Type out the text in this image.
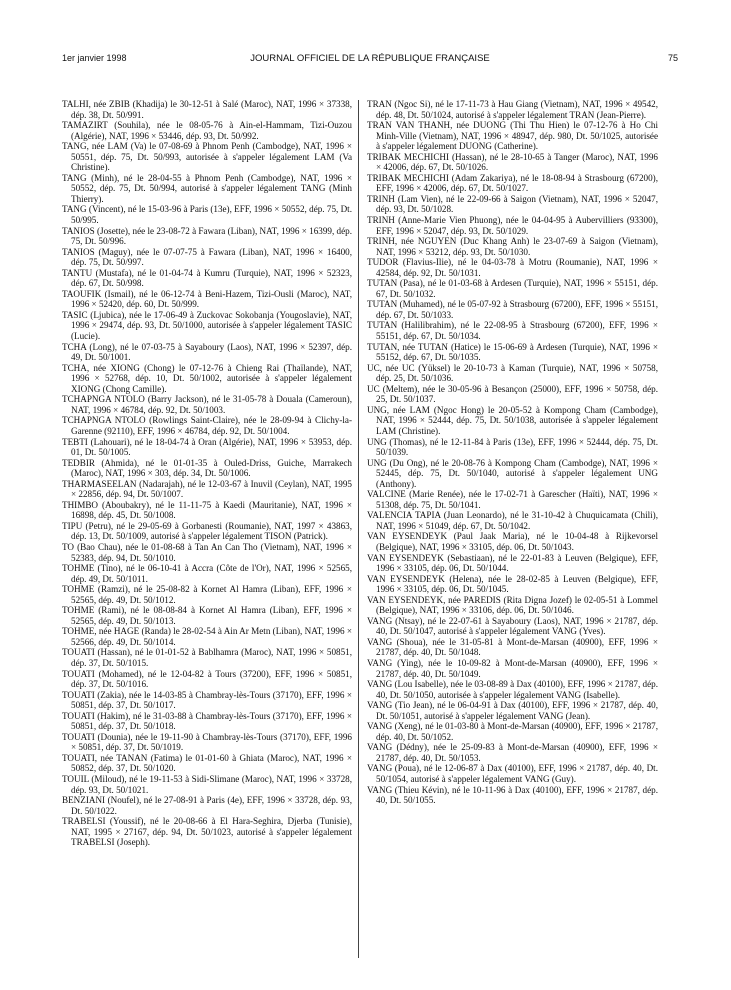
1er janvier 1998	JOURNAL OFFICIEL DE LA RÉPUBLIQUE FRANÇAISE	75

TALHI, née ZBIB (Khadija) le 30-12-51 à Salé (Maroc), NAT, 1996 × 37338, dép. 38, Dt. 50/991.

TAMAZIRT (Souhila), née le 08-05-76 à Ain-el-Hammam, Tizi-Ouzou (Algérie), NAT, 1996 × 53446, dép. 93, Dt. 50/992.

TANG, née LAM (Va) le 07-08-69 à Phnom Penh (Cambodge), NAT, 1996 × 50551, dép. 75, Dt. 50/993, autorisée à s'appeler légalement LAM (Va Christine).

TANG (Minh), né le 28-04-55 à Phnom Penh (Cambodge), NAT, 1996 × 50552, dép. 75, Dt. 50/994, autorisé à s'appeler légalement TANG (Minh Thierry).

TANG (Vincent), né le 15-03-96 à Paris (13e), EFF, 1996 × 50552, dép. 75, Dt. 50/995.

TANIOS (Josette), née le 23-08-72 à Fawara (Liban), NAT, 1996 × 16399, dép. 75, Dt. 50/996.

TANIOS (Maguy), née le 07-07-75 à Fawara (Liban), NAT, 1996 × 16400, dép. 75, Dt. 50/997.

TANTU (Mustafa), né le 01-04-74 à Kumru (Turquie), NAT, 1996 × 52323, dép. 67, Dt. 50/998.

TAOUFIK (Ismail), né le 06-12-74 à Beni-Hazem, Tizi-Ousli (Maroc), NAT, 1996 × 52420, dép. 60, Dt. 50/999.

TASIC (Ljubica), née le 17-06-49 à Zuckovac Sokobanja (Yougoslavie), NAT, 1996 × 29474, dép. 93, Dt. 50/1000, autorisée à s'appeler légalement TASIC (Lucie).

TCHA (Long), né le 07-03-75 à Sayaboury (Laos), NAT, 1996 × 52397, dép. 49, Dt. 50/1001.

TCHA, née XIONG (Chong) le 07-12-76 à Chieng Rai (Thaïlande), NAT, 1996 × 52768, dép. 10, Dt. 50/1002, autorisée à s'appeler légalement XIONG (Chong Camille).

TCHAPNGA NTOLO (Barry Jackson), né le 31-05-78 à Douala (Cameroun), NAT, 1996 × 46784, dép. 92, Dt. 50/1003.

TCHAPNGA NTOLO (Rowlings Saint-Claire), née le 28-09-94 à Clichy-la-Garenne (92110), EFF, 1996 × 46784, dép. 92, Dt. 50/1004.

TEBTI (Lahouari), né le 18-04-74 à Oran (Algérie), NAT, 1996 × 53953, dép. 01, Dt. 50/1005.

TEDBIR (Ahmida), né le 01-01-35 à Ouled-Driss, Guiche, Marrakech (Maroc), NAT, 1996 × 303, dép. 34, Dt. 50/1006.

THARMASEELAN (Nadarajah), né le 12-03-67 à Inuvil (Ceylan), NAT, 1995 × 22856, dép. 94, Dt. 50/1007.

THIMBO (Aboubakry), né le 11-11-75 à Kaedi (Mauritanie), NAT, 1996 × 16898, dép. 45, Dt. 50/1008.

TIPU (Petru), né le 29-05-69 à Gorbanesti (Roumanie), NAT, 1997 × 43863, dép. 13, Dt. 50/1009, autorisé à s'appeler légalement TISON (Patrick).

TO (Bao Chau), née le 01-08-68 à Tan An Can Tho (Vietnam), NAT, 1996 × 52383, dép. 94, Dt. 50/1010.

TOHME (Tino), né le 06-10-41 à Accra (Côte de l'Or), NAT, 1996 × 52565, dép. 49, Dt. 50/1011.

TOHME (Ramzi), né le 25-08-82 à Kornet Al Hamra (Liban), EFF, 1996 × 52565, dép. 49, Dt. 50/1012.

TOHME (Rami), né le 08-08-84 à Kornet Al Hamra (Liban), EFF, 1996 × 52565, dép. 49, Dt. 50/1013.

TOHME, née HAGE (Randa) le 28-02-54 à Ain Ar Metn (Liban), NAT, 1996 × 52566, dép. 49, Dt. 50/1014.

TOUATI (Hassan), né le 01-01-52 à Bablhamra (Maroc), NAT, 1996 × 50851, dép. 37, Dt. 50/1015.

TOUATI (Mohamed), né le 12-04-82 à Tours (37200), EFF, 1996 × 50851, dép. 37, Dt. 50/1016.

TOUATI (Zakia), née le 14-03-85 à Chambray-lès-Tours (37170), EFF, 1996 × 50851, dép. 37, Dt. 50/1017.

TOUATI (Hakim), né le 31-03-88 à Chambray-lès-Tours (37170), EFF, 1996 × 50851, dép. 37, Dt. 50/1018.

TOUATI (Dounia), née le 19-11-90 à Chambray-lès-Tours (37170), EFF, 1996 × 50851, dép. 37, Dt. 50/1019.

TOUATI, née TANAN (Fatima) le 01-01-60 à Ghiata (Maroc), NAT, 1996 × 50852, dép. 37, Dt. 50/1020.

TOUIL (Miloud), né le 19-11-53 à Sidi-Slimane (Maroc), NAT, 1996 × 33728, dép. 93, Dt. 50/1021.

BENZIANI (Noufel), né le 27-08-91 à Paris (4e), EFF, 1996 × 33728, dép. 93, Dt. 50/1022.

TRABELSI (Youssif), né le 20-08-66 à El Hara-Seghira, Djerba (Tunisie), NAT, 1995 × 27167, dép. 94, Dt. 50/1023, autorisé à s'appeler légalement TRABELSI (Joseph).

TRAN (Ngoc Si), né le 17-11-73 à Hau Giang (Vietnam), NAT, 1996 × 49542, dép. 48, Dt. 50/1024, autorisé à s'appeler légalement TRAN (Jean-Pierre).

TRAN VAN THANH, née DUONG (Thi Thu Hien) le 07-12-76 à Ho Chi Minh-Ville (Vietnam), NAT, 1996 × 48947, dép. 980, Dt. 50/1025, autorisée à s'appeler légalement DUONG (Catherine).

TRIBAK MECHICHI (Hassan), né le 28-10-65 à Tanger (Maroc), NAT, 1996 × 42006, dép. 67, Dt. 50/1026.

TRIBAK MECHICHI (Adam Zakariya), né le 18-08-94 à Strasbourg (67200), EFF, 1996 × 42006, dép. 67, Dt. 50/1027.

TRINH (Lam Vien), né le 22-09-66 à Saigon (Vietnam), NAT, 1996 × 52047, dép. 93, Dt. 50/1028.

TRINH (Anne-Marie Vien Phuong), née le 04-04-95 à Aubervilliers (93300), EFF, 1996 × 52047, dép. 93, Dt. 50/1029.

TRINH, née NGUYEN (Duc Khang Anh) le 23-07-69 à Saigon (Vietnam), NAT, 1996 × 53212, dép. 93, Dt. 50/1030.

TUDOR (Flavius-Ilie), né le 04-03-78 à Motru (Roumanie), NAT, 1996 × 42584, dép. 92, Dt. 50/1031.

TUTAN (Pasa), né le 01-03-68 à Ardesen (Turquie), NAT, 1996 × 55151, dép. 67, Dt. 50/1032.

TUTAN (Muhamed), né le 05-07-92 à Strasbourg (67200), EFF, 1996 × 55151, dép. 67, Dt. 50/1033.

TUTAN (Halilibrahim), né le 22-08-95 à Strasbourg (67200), EFF, 1996 × 55151, dép. 67, Dt. 50/1034.

TUTAN, née TUTAN (Hatice) le 15-06-69 à Ardesen (Turquie), NAT, 1996 × 55152, dép. 67, Dt. 50/1035.

UC, née UC (Yüksel) le 20-10-73 à Kaman (Turquie), NAT, 1996 × 50758, dép. 25, Dt. 50/1036.

UC (Meltem), née le 30-05-96 à Besançon (25000), EFF, 1996 × 50758, dép. 25, Dt. 50/1037.

UNG, née LAM (Ngoc Hong) le 20-05-52 à Kompong Cham (Cambodge), NAT, 1996 × 52444, dép. 75, Dt. 50/1038, autorisée à s'appeler légalement LAM (Christine).

UNG (Thomas), né le 12-11-84 à Paris (13e), EFF, 1996 × 52444, dép. 75, Dt. 50/1039.

UNG (Du Ong), né le 20-08-76 à Kompong Cham (Cambodge), NAT, 1996 × 52445, dép. 75, Dt. 50/1040, autorisé à s'appeler légalement UNG (Anthony).

VALCINE (Marie Renée), née le 17-02-71 à Garescher (Haïti), NAT, 1996 × 51308, dép. 75, Dt. 50/1041.

VALENCIA TAPIA (Juan Leonardo), né le 31-10-42 à Chuquicamata (Chili), NAT, 1996 × 51049, dép. 67, Dt. 50/1042.

VAN EYSENDEYK (Paul Jaak Maria), né le 10-04-48 à Rijkevorsel (Belgique), NAT, 1996 × 33105, dép. 06, Dt. 50/1043.

VAN EYSENDEYK (Sebastiaan), né le 22-01-83 à Leuven (Belgique), EFF, 1996 × 33105, dép. 06, Dt. 50/1044.

VAN EYSENDEYK (Helena), née le 28-02-85 à Leuven (Belgique), EFF, 1996 × 33105, dép. 06, Dt. 50/1045.

VAN EYSENDEYK, née PAREDIS (Rita Digna Jozef) le 02-05-51 à Lommel (Belgique), NAT, 1996 × 33106, dép. 06, Dt. 50/1046.

VANG (Ntsay), né le 22-07-61 à Sayaboury (Laos), NAT, 1996 × 21787, dép. 40, Dt. 50/1047, autorisé à s'appeler légalement VANG (Yves).

VANG (Shoua), née le 31-05-81 à Mont-de-Marsan (40900), EFF, 1996 × 21787, dép. 40, Dt. 50/1048.

VANG (Ying), née le 10-09-82 à Mont-de-Marsan (40900), EFF, 1996 × 21787, dép. 40, Dt. 50/1049.

VANG (Lou Isabelle), née le 03-08-89 à Dax (40100), EFF, 1996 × 21787, dép. 40, Dt. 50/1050, autorisée à s'appeler légalement VANG (Isabelle).

VANG (Tio Jean), né le 06-04-91 à Dax (40100), EFF, 1996 × 21787, dép. 40, Dt. 50/1051, autorisé à s'appeler légalement VANG (Jean).

VANG (Xeng), né le 01-03-80 à Mont-de-Marsan (40900), EFF, 1996 × 21787, dép. 40, Dt. 50/1052.

VANG (Dédny), née le 25-09-83 à Mont-de-Marsan (40900), EFF, 1996 × 21787, dép. 40, Dt. 50/1053.

VANG (Poua), né le 12-06-87 à Dax (40100), EFF, 1996 × 21787, dép. 40, Dt. 50/1054, autorisé à s'appeler légalement VANG (Guy).

VANG (Thieu Kévin), né le 10-11-96 à Dax (40100), EFF, 1996 × 21787, dép. 40, Dt. 50/1055.
